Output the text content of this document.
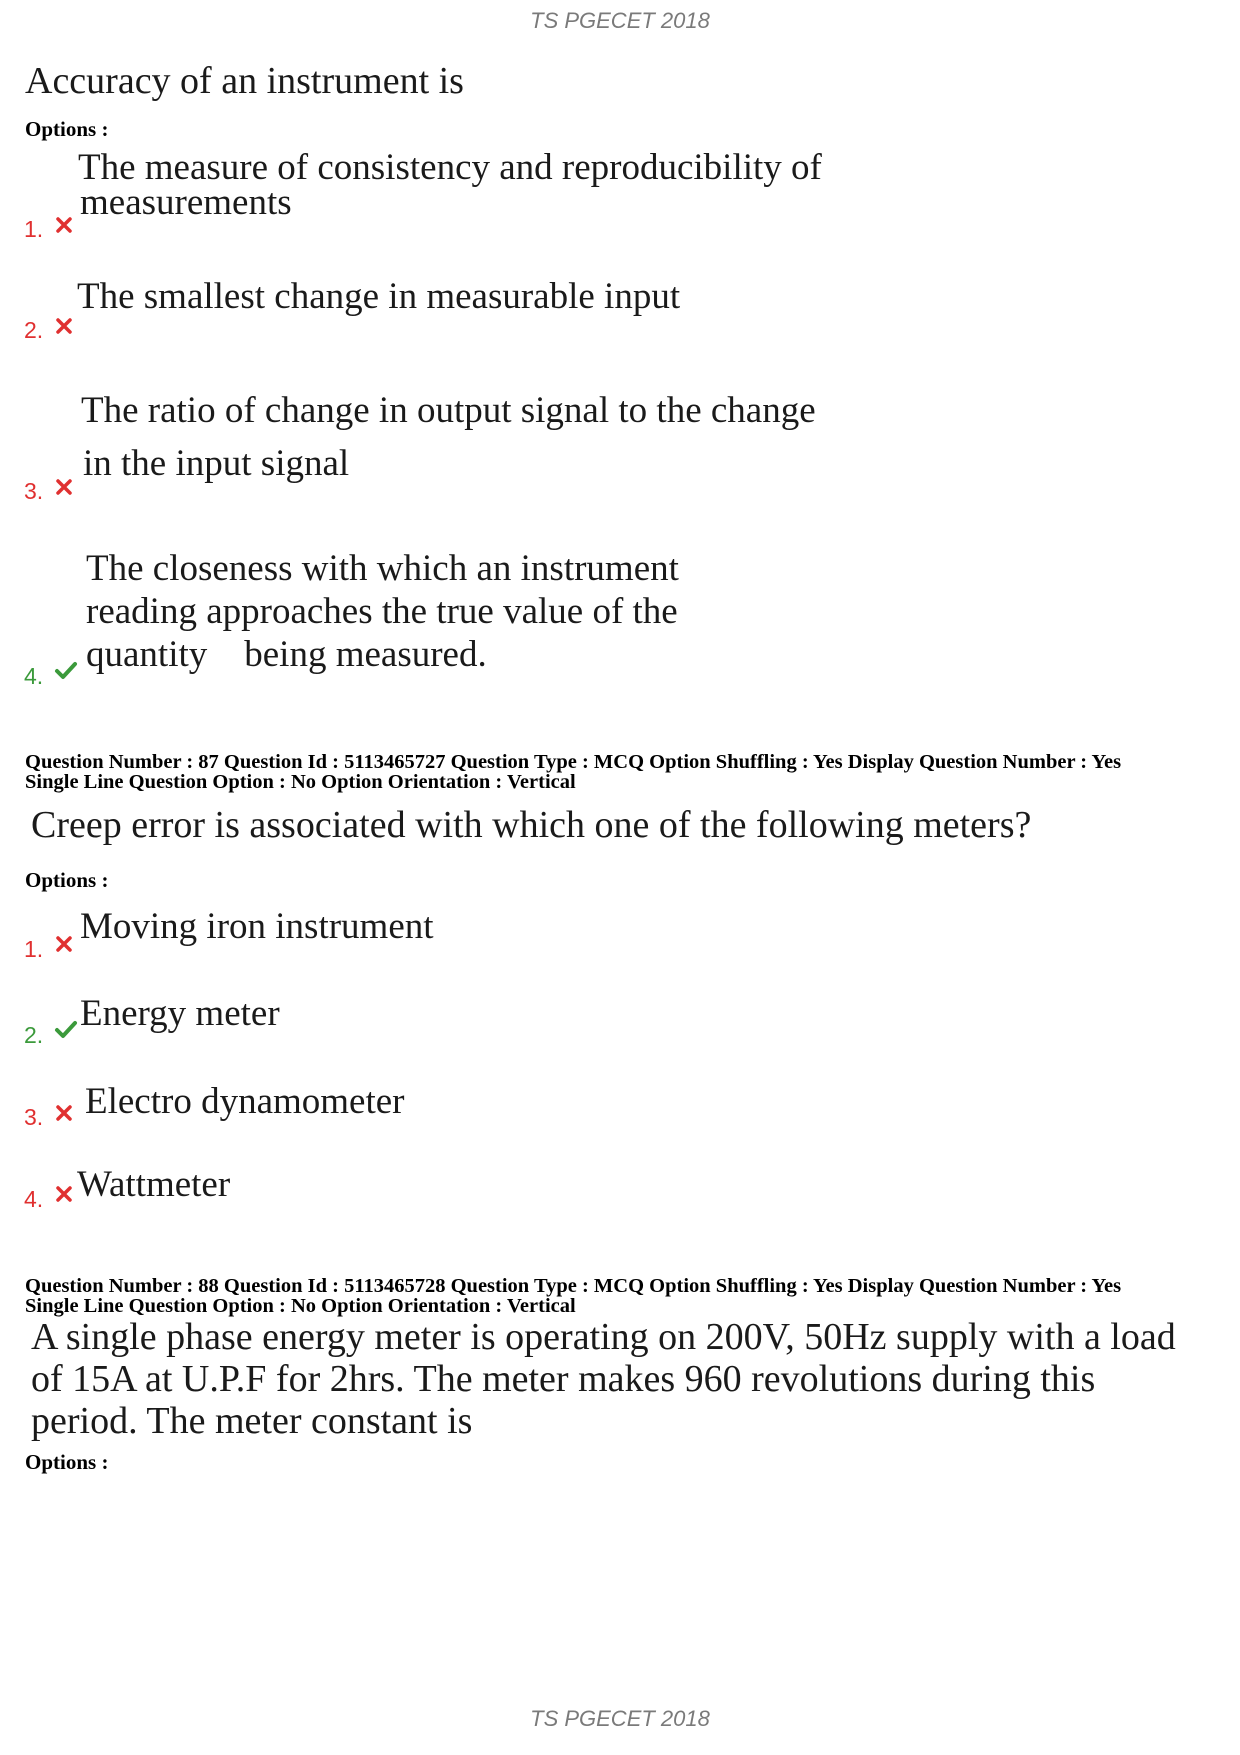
TS PGECET 2018
Accuracy of an instrument is
Options :
The measure of consistency and reproducibility of
measurements
1.
The smallest change in measurable input
2.
The ratio of change in output signal to the change
in the input signal
3.
The closeness with which an instrument
reading approaches the true value of the
quantity    being measured.
4.
Question Number : 87 Question Id : 5113465727 Question Type : MCQ Option Shuffling : Yes Display Question Number : Yes
Single Line Question Option : No Option Orientation : Vertical
Creep error is associated with which one of the following meters?
Options :
Moving iron instrument
1.
Energy meter
2.
Electro dynamometer
3.
Wattmeter
4.
Question Number : 88 Question Id : 5113465728 Question Type : MCQ Option Shuffling : Yes Display Question Number : Yes
Single Line Question Option : No Option Orientation : Vertical
A single phase energy meter is operating on 200V, 50Hz supply with a load
of 15A at U.P.F for 2hrs. The meter makes 960 revolutions during this
period. The meter constant is
Options :
TS PGECET 2018
